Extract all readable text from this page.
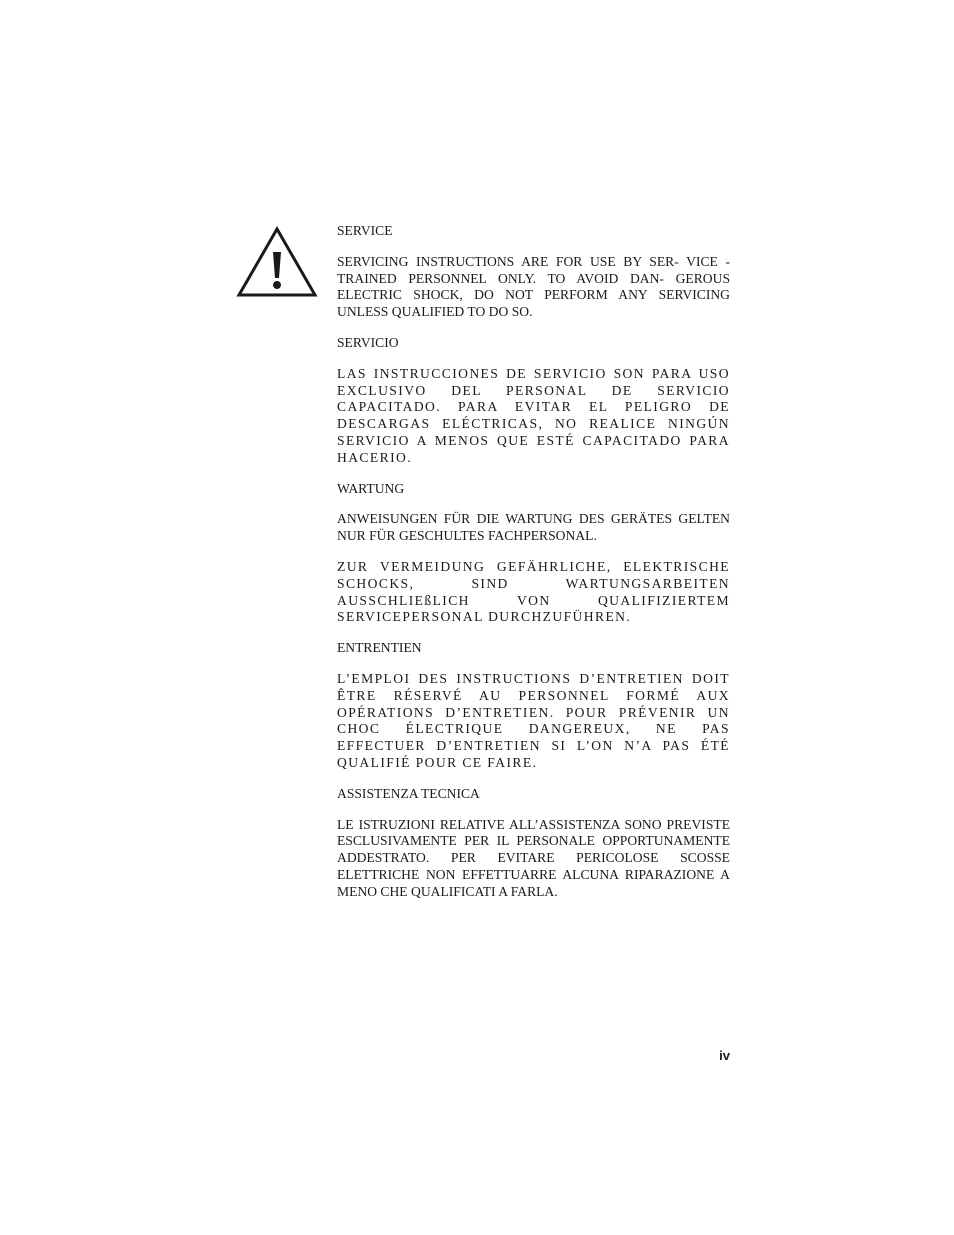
SERVICE

SERVICING INSTRUCTIONS ARE FOR USE BY SER- VICE -TRAINED PERSONNEL ONLY. TO AVOID DAN- GEROUS ELECTRIC SHOCK, DO NOT PERFORM ANY SERVICING UNLESS QUALIFIED TO DO SO.

SERVICIO

LAS INSTRUCCIONES DE SERVICIO SON PARA USO EXCLUSIVO DEL PERSONAL DE SERVICIO CAPACITADO. PARA EVITAR EL PELIGRO DE DESCARGAS ELÉCTRICAS, NO REALICE NINGÚN SERVICIO A MENOS QUE ESTÉ CAPACITADO PARA HACERIO.

WARTUNG

ANWEISUNGEN FÜR DIE WARTUNG DES GERÄTES GELTEN NUR FÜR GESCHULTES FACHPERSONAL.

ZUR VERMEIDUNG GEFÄHRLICHE, ELEKTRISCHE SCHOCKS, SIND WARTUNGSARBEITEN AUSSCHLIEßLICH VON QUALIFIZIERTEM SERVICEPERSONAL DURCHZUFÜHREN.

ENTRENTIEN

L’EMPLOI DES INSTRUCTIONS D’ENTRETIEN DOIT ÊTRE RÉSERVÉ AU PERSONNEL FORMÉ AUX OPÉRATIONS D’ENTRETIEN. POUR PRÉVENIR UN CHOC ÉLECTRIQUE DANGEREUX, NE PAS EFFECTUER D’ENTRETIEN SI L’ON N’A PAS ÉTÉ QUALIFIÉ POUR CE FAIRE.

ASSISTENZA TECNICA

LE ISTRUZIONI RELATIVE ALL’ASSISTENZA SONO PREVISTE ESCLUSIVAMENTE PER IL PERSONALE OPPORTUNAMENTE ADDESTRATO. PER EVITARE PERICOLOSE SCOSSE ELETTRICHE NON EFFETTUARRE ALCUNA RIPARAZIONE A MENO CHE QUALIFICATI A FARLA.

iv
